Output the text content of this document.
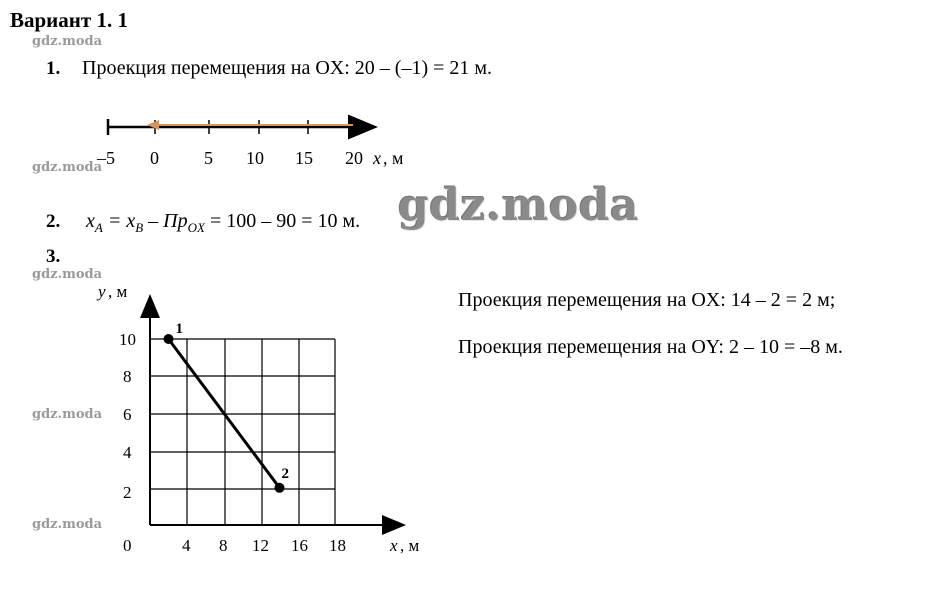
Вариант 1. 1
gdz.moda
gdz.moda
gdz.moda
gdz.moda
gdz.moda
1. Проекция перемещения на OX: 20 – (–1) = 21 м.
–5 0	5 10 15 20 x , м
2. $x_A = x_B - Пр_{OX} = 100 - 90 = 10$ м. gdz.moda
3.
Проекция перемещения на OX: 14 – 2 = 2 м;
Проекция перемещения на OY: 2 – 10 = –8 м.
y , м
x , м
10
8
6
4
2
0	4 8 12 16 18
1
2
